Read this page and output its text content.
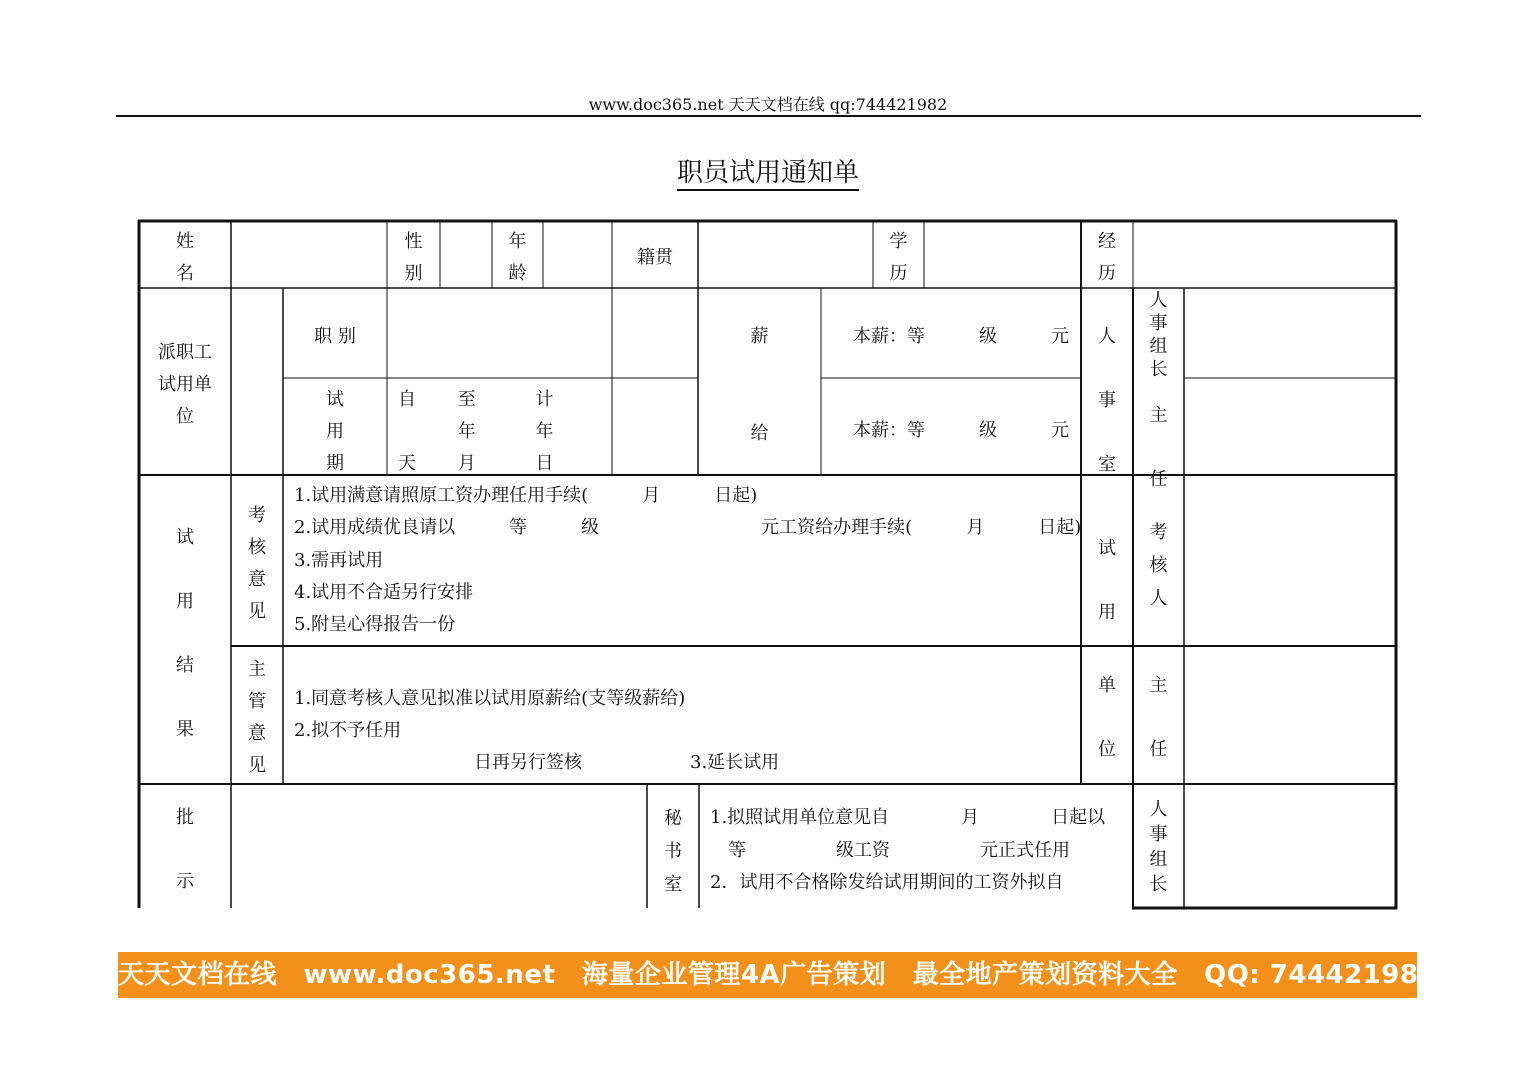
www.doc365.net 天天文档在线 qq:744421982
职员试用通知单
姓
名
性
别
年
龄
籍贯
学
历
经
历
派职工
试用单
位
职 别
试
用
期
自　　 至　　　 计
　　　 年　　　 年
天　　 月　　　 日
薪
给
本薪：等　　　级　　　元
本薪：等　　　级　　　元
人
事
室
人
事
组
长
主
任
试
用
结
果
考
核
意
见
1.试用满意请照原工资办理任用手续(　　　月　　　日起)
2.试用成绩优良请以　　　等　　　级　　　　　　　　　元工资给办理手续(　　　月　　　日起)
3.需再试用
4.试用不合适另行安排
5.附呈心得报告一份
试
用
考
核
人
主
管
意
见
1.同意考核人意见拟准以试用原薪给(支等级薪给)
2.拟不予任用
　　　　　　　　　　日再另行签核　　　　　　3.延长试用
单
位
主
任
批
示
秘
书
室
1.拟照试用单位意见自　　　　月　　　　日起以
　等　　　　　级工资　　　　　元正式任用
2．试用不合格除发给试用期间的工资外拟自
人
事
组
长
天天文档在线　www.doc365.net　海量企业管理4A广告策划　最全地产策划资料大全　QQ: 744421982
